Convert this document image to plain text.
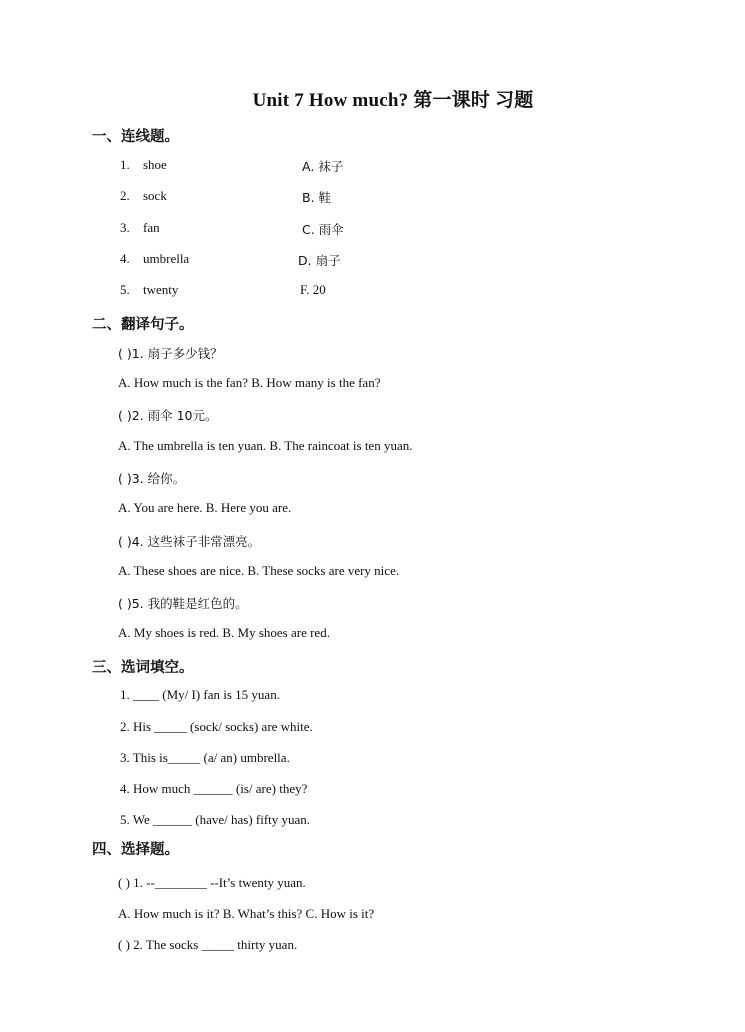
Unit 7 How much? 第一课时 习题
一、连线题。
1. shoe	A. 袜子
2. sock	B. 鞋
3. fan	C. 雨伞
4. umbrella	D. 扇子
5. twenty	F. 20
二、翻译句子。
( )1. 扇子多少钱？
A. How much is the fan? B. How many is the fan?
( )2. 雨伞 10元。
A. The umbrella is ten yuan. B. The raincoat is ten yuan.
( )3. 给你。
A. You are here. B. Here you are.
( )4. 这些袜子非常漂亮。
A. These shoes are nice. B. These socks are very nice.
( )5. 我的鞋是红色的。
A. My shoes is red. B. My shoes are red.
三、选词填空。
1. ____ (My/ I) fan is 15 yuan.
2. His _____ (sock/ socks) are white.
3. This is_____ (a/ an) umbrella.
4. How much ______ (is/ are) they?
5. We ______ (have/ has) fifty yuan.
四、选择题。
( ) 1. --________ --It’s twenty yuan.
A. How much is it? B. What’s this? C. How is it?
( ) 2. The socks _____ thirty yuan.
